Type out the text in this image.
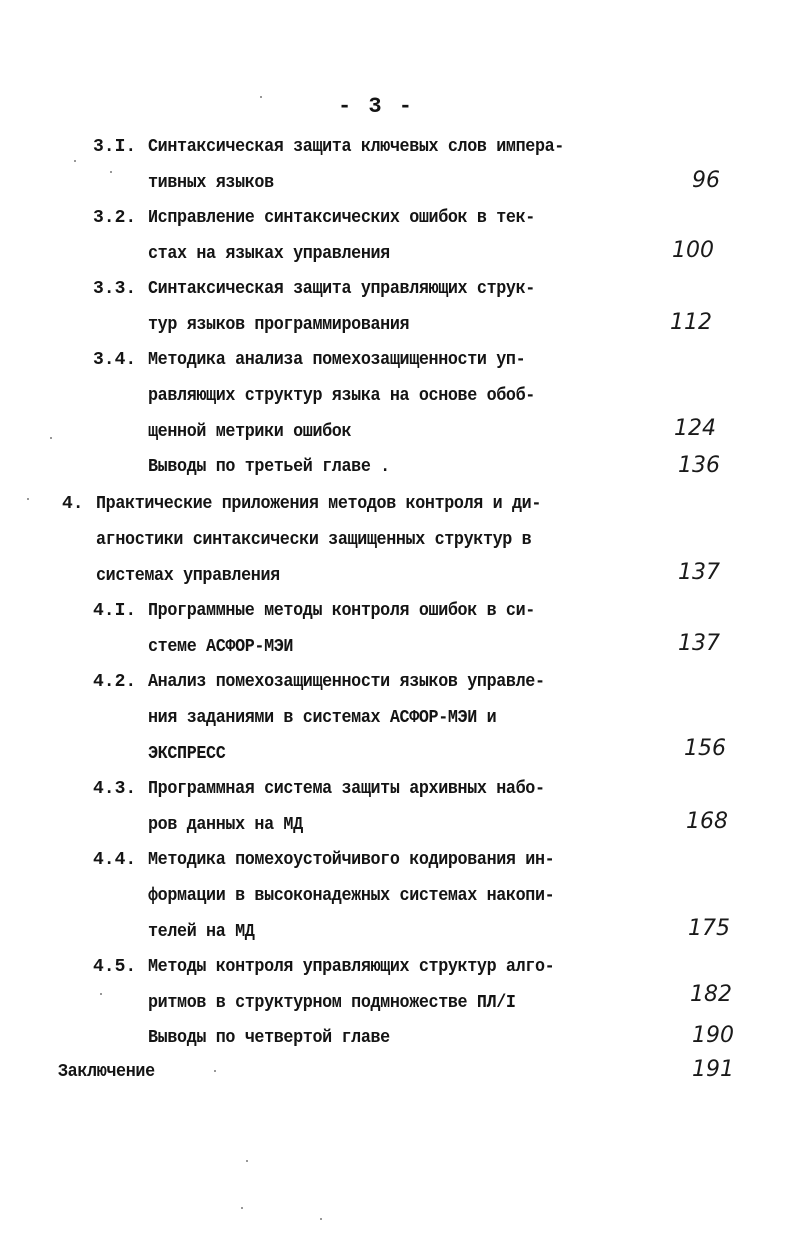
- 3 -
3.I. Синтаксическая защита ключевых слов импера-
тивных языков	96
3.2. Исправление синтаксических ошибок в тек-
стах на языках управления	100
3.3. Синтаксическая защита управляющих струк-
тур языков программирования	112
3.4. Методика анализа помехозащищенности уп-
равляющих структур языка на основе обоб-
щенной метрики ошибок	124
Выводы по третьей главе .	136
4. Практические приложения методов контроля и ди-
агностики синтаксически защищенных структур в
системах управления	137
4.I. Программные методы контроля ошибок в си-
стеме АСФОР-МЭИ	137
4.2. Анализ помехозащищенности языков управле-
ния заданиями в системах АСФОР-МЭИ и
ЭКСПРЕСС	156
4.3. Программная система защиты архивных набо-
ров данных на МД	168
4.4. Методика помехоустойчивого кодирования ин-
формации в высоконадежных системах накопи-
телей на МД	175
4.5. Методы контроля управляющих структур алго-
ритмов в структурном подмножестве ПЛ/I	182
Выводы по четвертой главе	190
Заключение	191
